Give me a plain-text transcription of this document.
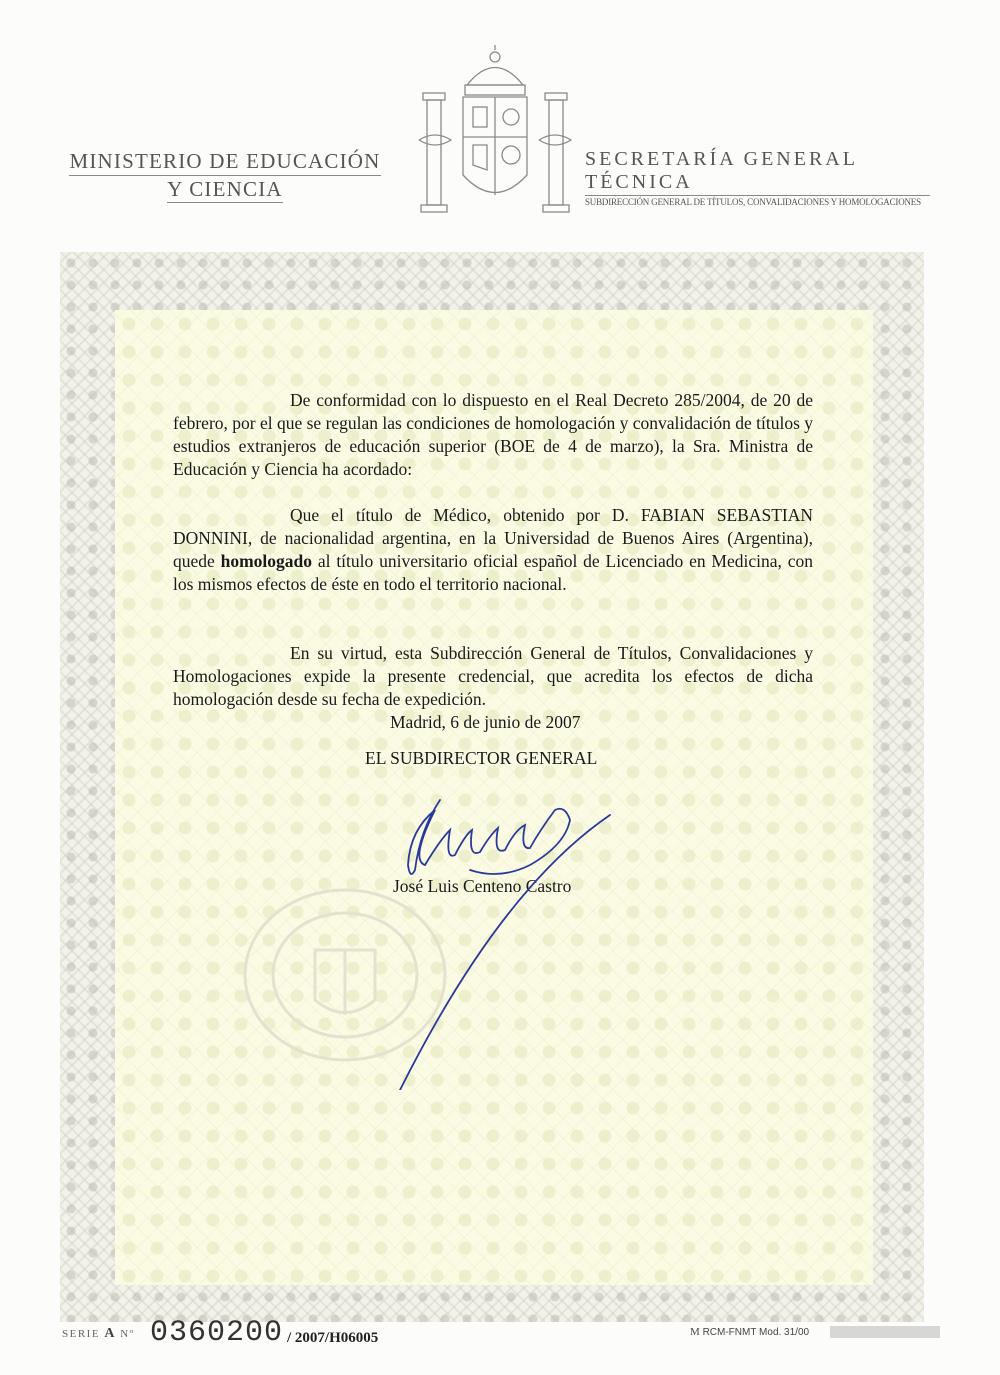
MINISTERIO DE EDUCACIÓN
Y CIENCIA
SECRETARÍA GENERAL TÉCNICA
SUBDIRECCIÓN GENERAL DE TÍTULOS, CONVALIDACIONES Y HOMOLOGACIONES

De conformidad con lo dispuesto en el Real Decreto 285/2004, de 20 de febrero, por el que se regulan las condiciones de homologación y convalidación de títulos y estudios extranjeros de educación superior (BOE de 4 de marzo), la Sra. Ministra de Educación y Ciencia ha acordado:

Que el título de Médico, obtenido por D. FABIAN SEBASTIAN DONNINI, de nacionalidad argentina, en la Universidad de Buenos Aires (Argentina), quede homologado al título universitario oficial español de Licenciado en Medicina, con los mismos efectos de éste en todo el territorio nacional.

En su virtud, esta Subdirección General de Títulos, Convalidaciones y Homologaciones expide la presente credencial, que acredita los efectos de dicha homologación desde su fecha de expedición.

Madrid, 6 de junio de 2007
EL SUBDIRECTOR GENERAL
José Luis Centeno Castro
SERIE A Nº 0360200 / 2007/H06005	M RCM-FNMT Mod. 31/00
